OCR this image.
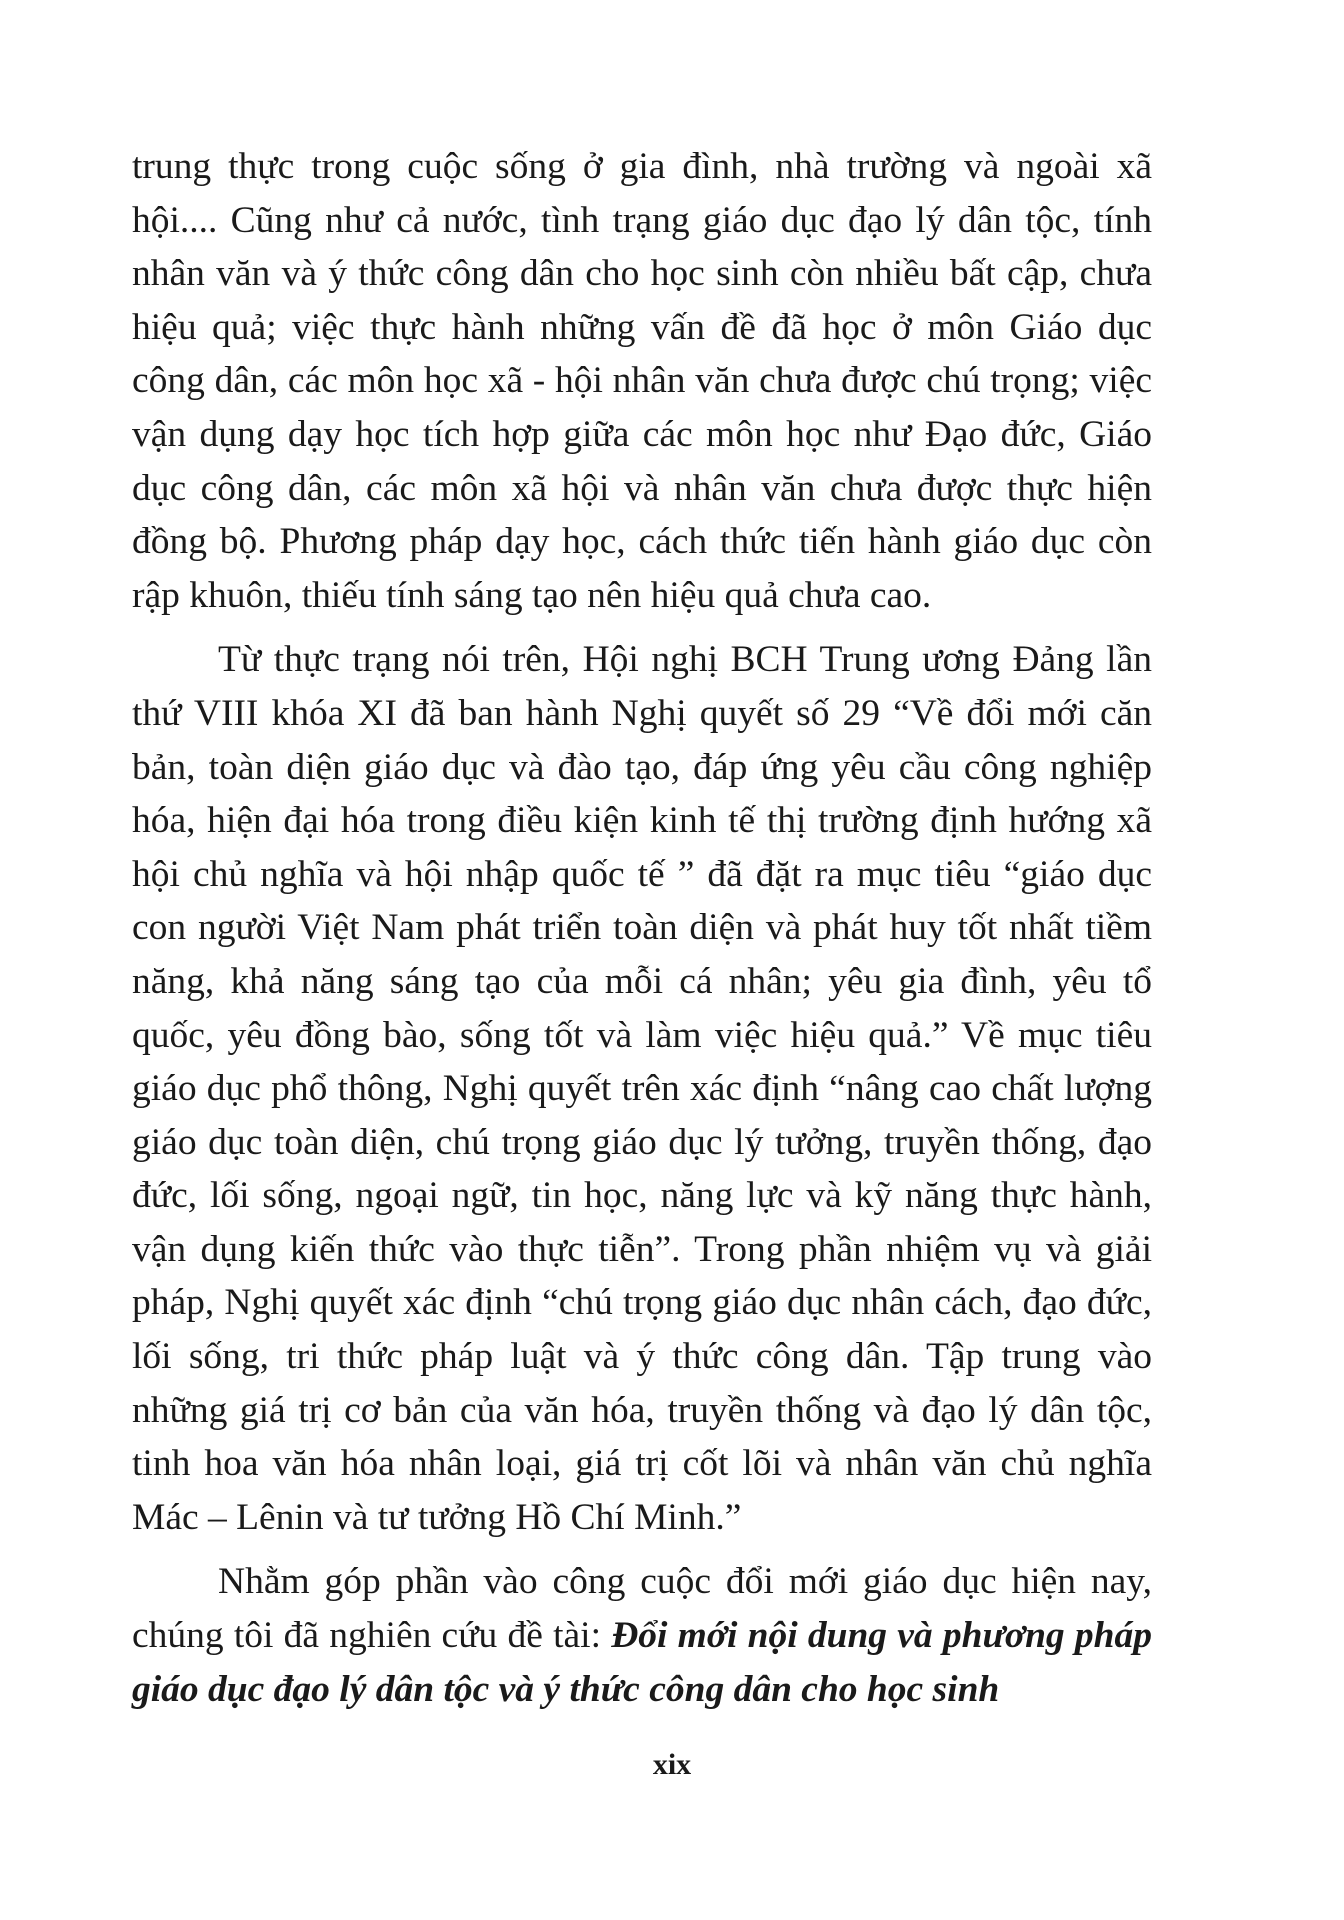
trung thực trong cuộc sống ở gia đình, nhà trường và ngoài xã hội.... Cũng như cả nước, tình trạng giáo dục đạo lý dân tộc, tính nhân văn và ý thức công dân cho học sinh còn nhiều bất cập, chưa hiệu quả; việc thực hành những vấn đề đã học ở môn Giáo dục công dân, các môn học xã - hội nhân văn chưa được chú trọng; việc vận dụng dạy học tích hợp giữa các môn học như Đạo đức, Giáo dục công dân, các môn xã hội và nhân văn chưa được thực hiện đồng bộ. Phương pháp dạy học, cách thức tiến hành giáo dục còn rập khuôn, thiếu tính sáng tạo nên hiệu quả chưa cao.

Từ thực trạng nói trên, Hội nghị BCH Trung ương Đảng lần thứ VIII khóa XI đã ban hành Nghị quyết số 29 “Về đổi mới căn bản, toàn diện giáo dục và đào tạo, đáp ứng yêu cầu công nghiệp hóa, hiện đại hóa trong điều kiện kinh tế thị trường định hướng xã hội chủ nghĩa và hội nhập quốc tế ” đã đặt ra mục tiêu “giáo dục con người Việt Nam phát triển toàn diện và phát huy tốt nhất tiềm năng, khả năng sáng tạo của mỗi cá nhân; yêu gia đình, yêu tổ quốc, yêu đồng bào, sống tốt và làm việc hiệu quả.” Về mục tiêu giáo dục phổ thông, Nghị quyết trên xác định “nâng cao chất lượng giáo dục toàn diện, chú trọng giáo dục lý tưởng, truyền thống, đạo đức, lối sống, ngoại ngữ, tin học, năng lực và kỹ năng thực hành, vận dụng kiến thức vào thực tiễn”. Trong phần nhiệm vụ và giải pháp, Nghị quyết xác định “chú trọng giáo dục nhân cách, đạo đức, lối sống, tri thức pháp luật và ý thức công dân. Tập trung vào những giá trị cơ bản của văn hóa, truyền thống và đạo lý dân tộc, tinh hoa văn hóa nhân loại, giá trị cốt lõi và nhân văn chủ nghĩa Mác – Lênin và tư tưởng Hồ Chí Minh.”

Nhằm góp phần vào công cuộc đổi mới giáo dục hiện nay, chúng tôi đã nghiên cứu đề tài: Đổi mới nội dung và phương pháp giáo dục đạo lý dân tộc và ý thức công dân cho học sinh

xix
